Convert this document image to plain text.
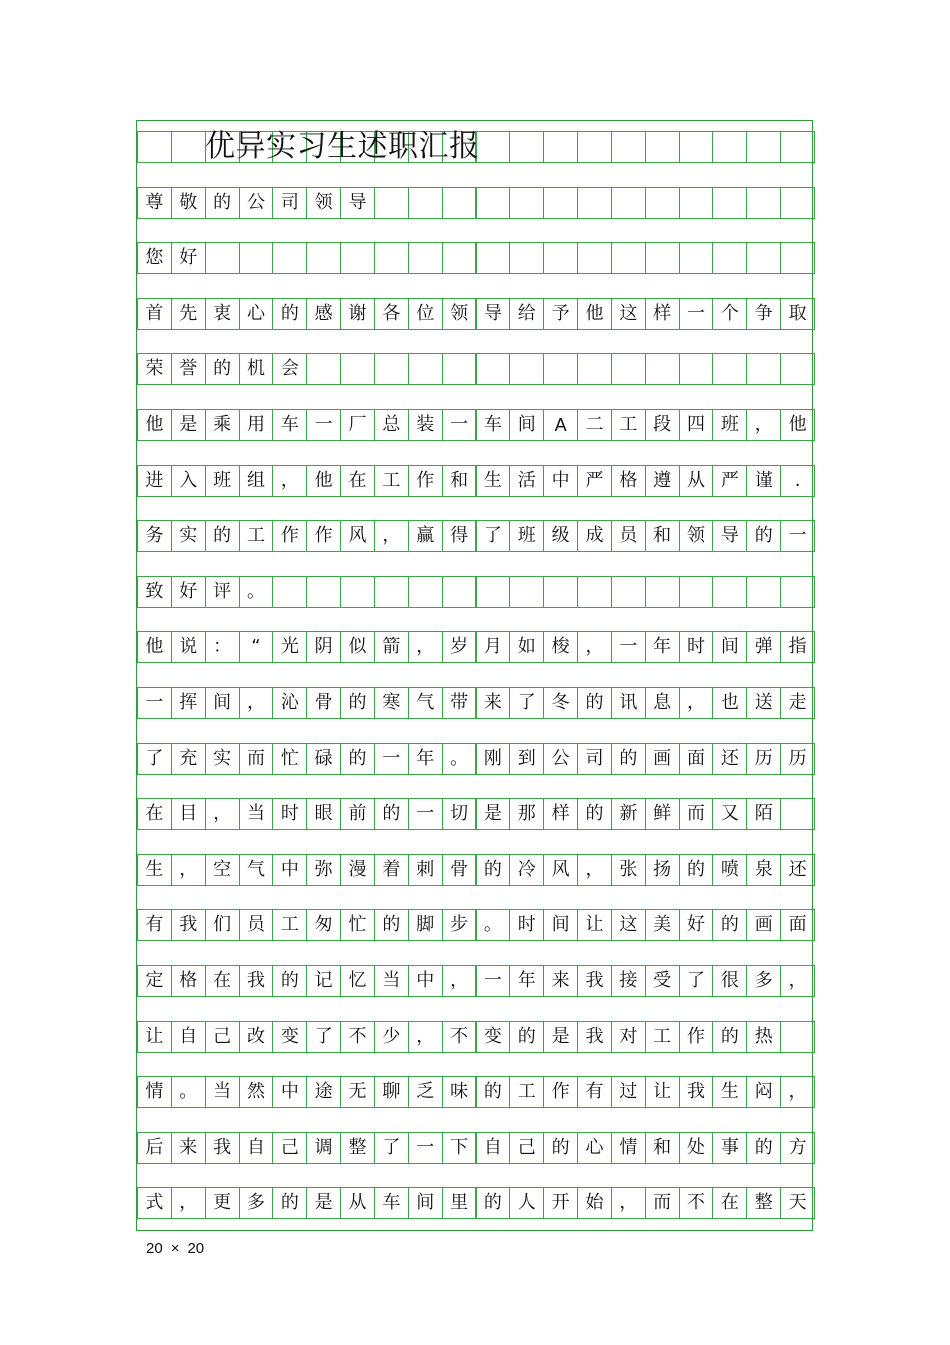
尊 敬 的 公 司 领 导
您 好
首 先 衷 心 的 感 谢 各 位 领 导 给 予 他 这 样 一 个 争 取
荣 誉 的 机 会
他 是 乘 用 车 一 厂 总 装 一 车 间	A	二 工 段 四 班 ， 他
进 入 班 组 ， 他 在 工 作 和 生 活 中 严 格 遵 从 严 谨	.
务 实 的 工 作 作 风 ， 赢 得 了 班 级 成 员 和 领 导 的 一
致 好 评 。
他 说 ：	“	光 阴 似 箭 ， 岁 月 如 梭 ， 一 年 时 间 弹 指
一 挥 间 ， 沁 骨 的 寒 气 带 来 了 冬 的 讯 息 ， 也 送 走
了 充 实 而 忙 碌 的 一 年 。 刚 到 公 司 的 画 面 还 历 历
在 目 ， 当 时 眼 前 的 一 切 是 那 样 的 新 鲜 而 又 陌
生 ， 空 气 中 弥 漫 着 刺 骨 的 冷 风 ， 张 扬 的 喷 泉 还
有 我 们 员 工 匆 忙 的 脚 步 。 时 间 让 这 美 好 的 画 面
定 格 在 我 的 记 忆 当 中 ， 一 年 来 我 接 受 了 很 多 ，
让 自 己 改 变 了 不 少 ， 不 变 的 是 我 对 工 作 的 热
情 。 当 然 中 途 无 聊 乏 味 的 工 作 有 过 让 我 生 闷 ，
后 来 我 自 己 调 整 了 一 下 自 己 的 心 情 和 处 事 的 方
式 ， 更 多 的 是 从 车 间 里 的 人 开 始 ， 而 不 在 整 天
优异实习生述职汇报
20 × 20
